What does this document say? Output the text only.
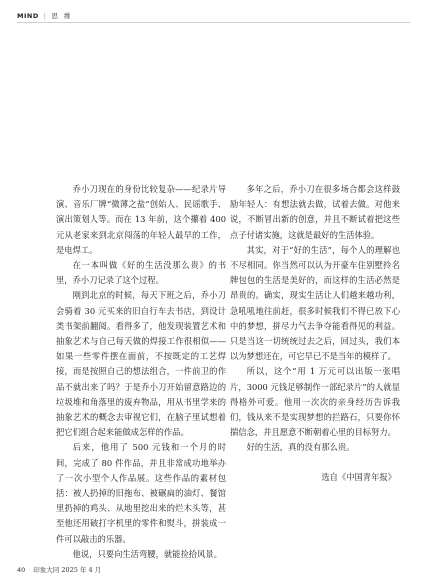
MIND | 思 维

乔小刀现在的身份比较复杂——纪录片导演、音乐厂牌“微薄之盐”创始人、民谣歌手、演出策划人等。而在 13 年前，这个攥着 400 元从老家来到北京闯荡的年轻人最早的工作，是电焊工。

在一本叫做《好的生活没那么贵》的书里，乔小刀记录了这个过程。

刚到北京的时候，每天下班之后，乔小刀会骑着 30 元买来的旧自行车去书店，到设计类书架前翻阅。看得多了，他发现装置艺术和抽象艺术与自己每天做的焊接工作很相似——如果一些零件摆在面前，不按既定的工艺焊接，而是按照自己的想法组合，一件前卫的作品不就出来了吗？于是乔小刀开始留意路边的垃圾堆和角落里的废弃物品，用从书里学来的抽象艺术的概念去审视它们，在脑子里试想着把它们组合起来能做成怎样的作品。

后来，他用了 500 元钱和一个月的时间，完成了 80 件作品，并且非常成功地举办了一次小型个人作品展。这些作品的素材包括：被人扔掉的旧拖布、被碾扁的油灯、餐馆里扔掉的鸡头、从地里挖出来的烂木头等，甚至他还用破打字机里的零件和熨斗，拼装成一件可以敲击的乐器。

他说，只要向生活弯腰，就能捡拾风景。

多年之后，乔小刀在很多场合都会这样鼓励年轻人：有想法就去做，试着去做。对他来说，不断冒出新的创意，并且不断试着把这些点子付诸实施，这就是最好的生活体验。

其实，对于“好的生活”，每个人的理解也不尽相同。你当然可以认为开豪车住别墅拎名牌包包的生活是美好的，而这样的生活必然是昂贵的。确实，现实生活让人们越来越功利，急吼吼地往前赶，很多时候我们不得已放下心中的梦想，拼尽力气去争夺能看得见的利益。只是当这一切统统过去之后，回过头，我们本以为梦想还在，可它早已不是当年的模样了。

所以，这个“用 1 万元可以出版一张唱片，3000 元钱足够制作一部纪录片”的人就显得格外可爱。他用一次次的亲身经历告诉我们，钱从来不是实现梦想的拦路石，只要你怀揣信念，并且愿意不断朝着心里的目标努力。

好的生活，真的没有那么贵。

选自《中国青年报》

40 印象大同 2025 年 4 月
